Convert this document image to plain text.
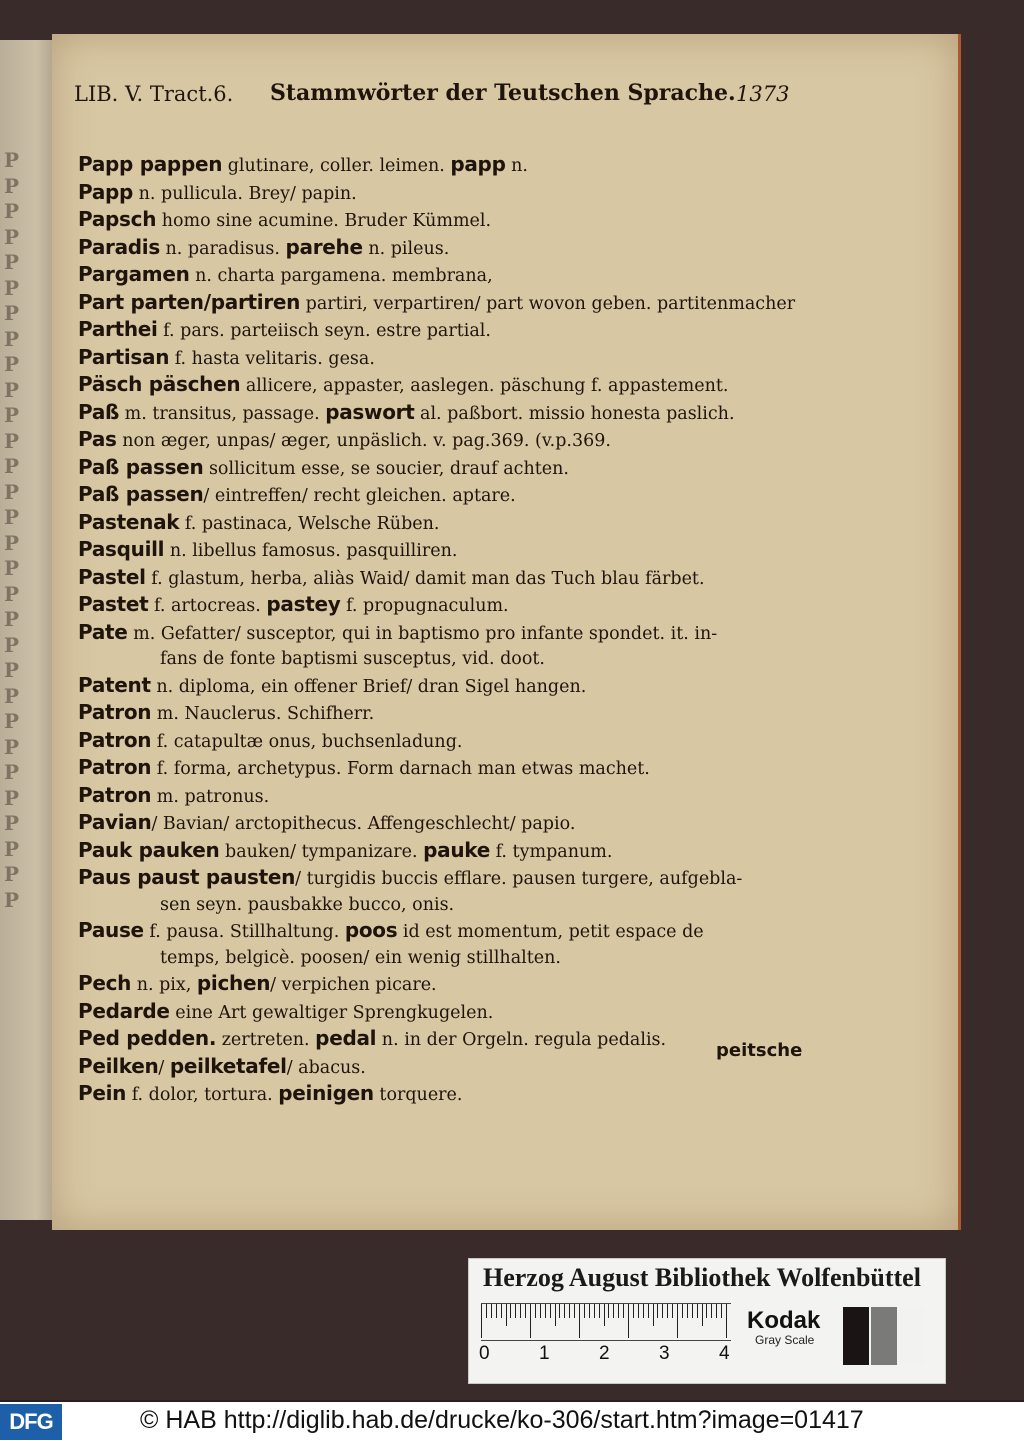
P
P
P
P
P
P
P
P
P
P
P
P
P
P
P
P
P
P
P
P
P
P
P
P
P
P
P
P
P
P
LIB. V. Tract.6. Stammwörter der Teutschen Sprache. 1373
Papp pappen glutinare, coller. leimen. papp n.
Papp n. pullicula. Brey/ papin.
Papsch homo sine acumine. Bruder Kümmel.
Paradis n. paradisus. parehe n. pileus.
Pargamen n. charta pargamena. membrana,
Part parten/partiren partiri, verpartiren/ part wovon geben. partitenmacher
Parthei f. pars. parteiisch seyn. estre partial.
Partisan f. hasta velitaris. gesa.
Päsch päschen allicere, appaster, aaslegen. päschung f. appastement.
Paß m. transitus, passage. paswort al. paßbort. missio honesta paslich.
Pas non æger, unpas/ æger, unpäslich. v. pag.369. (v.p.369.
Paß passen sollicitum esse, se soucier, drauf achten.
Paß passen/ eintreffen/ recht gleichen. aptare.
Pastenak f. pastinaca, Welsche Rüben.
Pasquill n. libellus famosus. pasquilliren.
Pastel f. glastum, herba, aliàs Waid/ damit man das Tuch blau färbet.
Pastet f. artocreas. pastey f. propugnaculum.
Pate m. Gefatter/ susceptor, qui in baptismo pro infante spondet. it. in-
fans de fonte baptismi susceptus, vid. doot.
Patent n. diploma, ein offener Brief/ dran Sigel hangen.
Patron m. Nauclerus. Schifherr.
Patron f. catapultæ onus, buchsenladung.
Patron f. forma, archetypus. Form darnach man etwas machet.
Patron m. patronus.
Pavian/ Bavian/ arctopithecus. Affengeschlecht/ papio.
Pauk pauken bauken/ tympanizare. pauke f. tympanum.
Paus paust pausten/ turgidis buccis efflare. pausen turgere, aufgebla-
sen seyn. pausbakke bucco, onis.
Pause f. pausa. Stillhaltung. poos id est momentum, petit espace de
temps, belgicè. poosen/ ein wenig stillhalten.
Pech n. pix, pichen/ verpichen picare.
Pedarde eine Art gewaltiger Sprengkugelen.
Ped pedden. zertreten. pedal n. in der Orgeln. regula pedalis.
Peilken/ peilketafel/ abacus.
Pein f. dolor, tortura. peinigen torquere.
peitsche
Herzog August Bibliothek Wolfenbüttel
0	1	2	3	4
Kodak
Gray Scale
DFG	© HAB http://diglib.hab.de/drucke/ko-306/start.htm?image=01417
